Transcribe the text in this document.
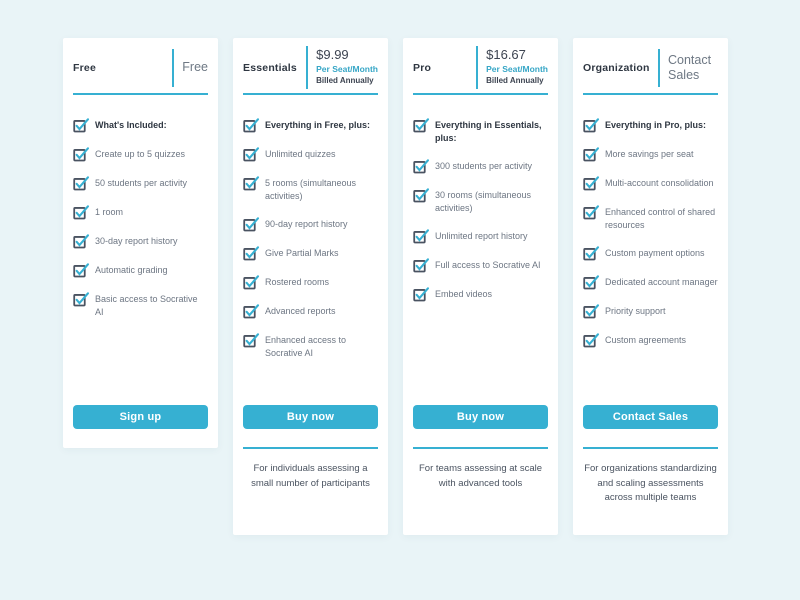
Free	Free
What's Included:
Create up to 5 quizzes
50 students per activity
1 room
30-day report history
Automatic grading
Basic access to Socrative AI
Sign up
Essentials
$9.99
Per Seat/Month
Billed Annually
Everything in Free, plus:
Unlimited quizzes
5 rooms (simultaneous activities)
90-day report history
Give Partial Marks
Rostered rooms
Advanced reports
Enhanced access to Socrative AI
Buy now
For individuals assessing a small number of participants
Pro
$16.67
Per Seat/Month
Billed Annually
Everything in Essentials, plus:
300 students per activity
30 rooms (simultaneous activities)
Unlimited report history
Full access to Socrative AI
Embed videos
Buy now
For teams assessing at scale with advanced tools
Organization
Contact Sales
Everything in Pro, plus:
More savings per seat
Multi-account consolidation
Enhanced control of shared resources
Custom payment options
Dedicated account manager
Priority support
Custom agreements
Contact Sales
For organizations standardizing and scaling assessments across multiple teams
